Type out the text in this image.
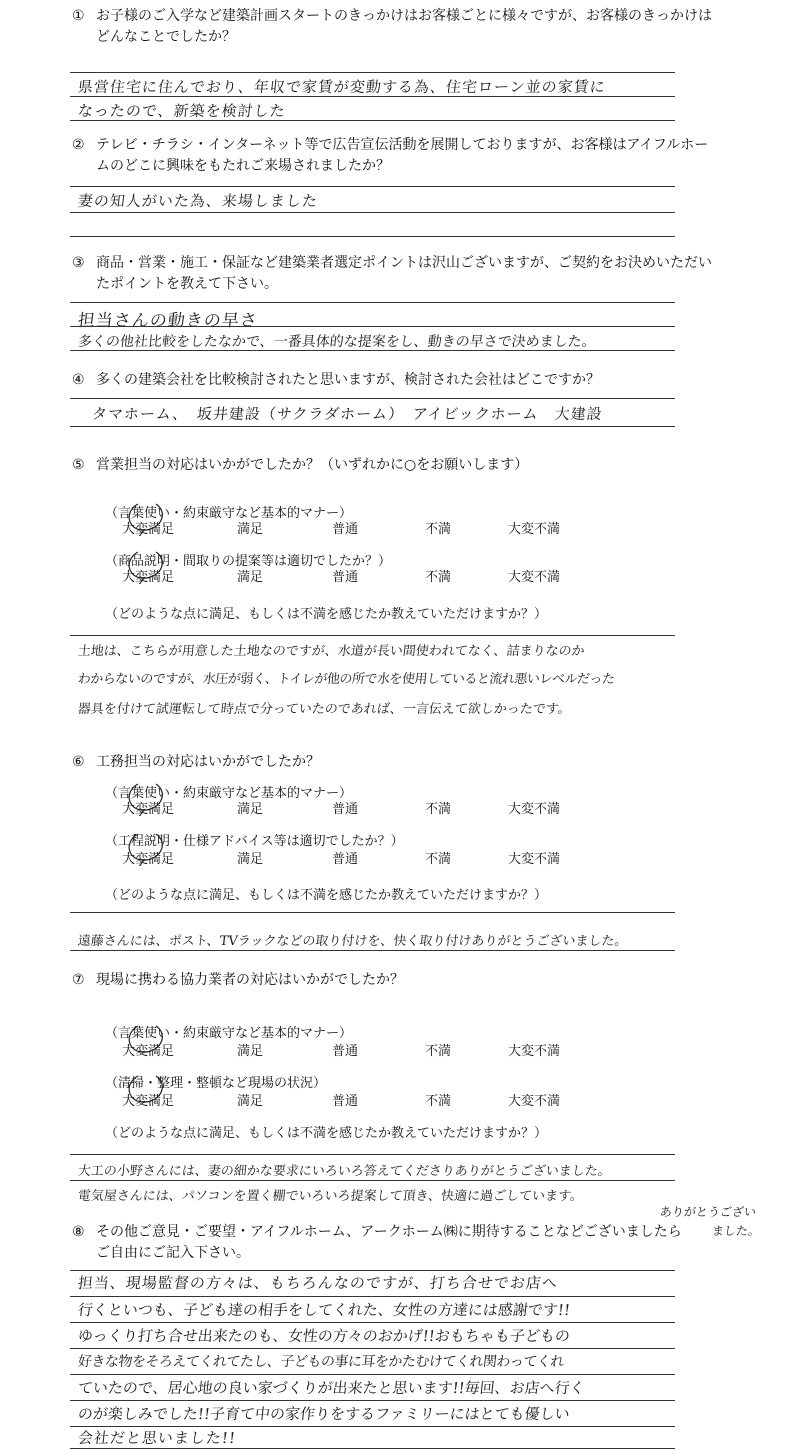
① お子様のご入学など建築計画スタートのきっかけはお客様ごとに様々ですが、お客様のきっかけはどんなことでしたか？
県営住宅に住んでおり、年収で家賃が変動する為、住宅ローン並の家賃に
なったので、新築を検討した
② テレビ・チラシ・インターネット等で広告宣伝活動を展開しておりますが、お客様はアイフルホームのどこに興味をもたれご来場されましたか？
妻の知人がいた為、来場しました
③ 商品・営業・施工・保証など建築業者選定ポイントは沢山ございますが、ご契約をお決めいただいたポイントを教えて下さい。
担当さんの動きの早さ
多くの他社比較をしたなかで、一番具体的な提案をし、動きの早さで決めました。
④ 多くの建築会社を比較検討されたと思いますが、検討された会社はどこですか？
タマホーム、　坂井建設（サクラダホーム）　アイビックホーム　大建設
⑤ 営業担当の対応はいかがでしたか？（いずれかに○をお願いします）
（言葉使い・約束厳守など基本的マナー）
大変満足	満足	普通	不満	大変不満
（商品説明・間取りの提案等は適切でしたか？）
大変満足	満足	普通	不満	大変不満
（どのような点に満足、もしくは不満を感じたか教えていただけますか？）
土地は、こちらが用意した土地なのですが、水道が長い間使われてなく、詰まりなのか
わからないのですが、水圧が弱く、トイレが他の所で水を使用していると流れ悪いレベルだった
器具を付けて試運転して時点で分っていたのであれば、一言伝えて欲しかったです。
⑥ 工務担当の対応はいかがでしたか？
（言葉使い・約束厳守など基本的マナー）
大変満足	満足	普通	不満	大変不満
（工程説明・仕様アドバイス等は適切でしたか？）
大変満足	満足	普通	不満	大変不満
（どのような点に満足、もしくは不満を感じたか教えていただけますか？）
遠藤さんには、ポスト、TVラックなどの取り付けを、快く取り付けありがとうございました。
⑦ 現場に携わる協力業者の対応はいかがでしたか？
（言葉使い・約束厳守など基本的マナー）
大変満足	満足	普通	不満	大変不満
（清掃・整理・整頓など現場の状況）
大変満足	満足	普通	不満	大変不満
（どのような点に満足、もしくは不満を感じたか教えていただけますか？）
大工の小野さんには、妻の細かな要求にいろいろ答えてくださりありがとうございました。
電気屋さんには、パソコンを置く棚でいろいろ提案して頂き、快適に過ごしています。
ありがとうござい
ました。
⑧ その他ご意見・ご要望・アイフルホーム、アークホーム㈱に期待することなどございましたらご自由にご記入下さい。
担当、現場監督の方々は、もちろんなのですが、打ち合せでお店へ
行くといつも、子ども達の相手をしてくれた、女性の方達には感謝です!!
ゆっくり打ち合せ出来たのも、女性の方々のおかげ!!おもちゃも子どもの
好きな物をそろえてくれてたし、子どもの事に耳をかたむけてくれ関わってくれ
ていたので、居心地の良い家づくりが出来たと思います!!毎回、お店へ行く
のが楽しみでした!!子育て中の家作りをするファミリーにはとても優しい
会社だと思いました!!
